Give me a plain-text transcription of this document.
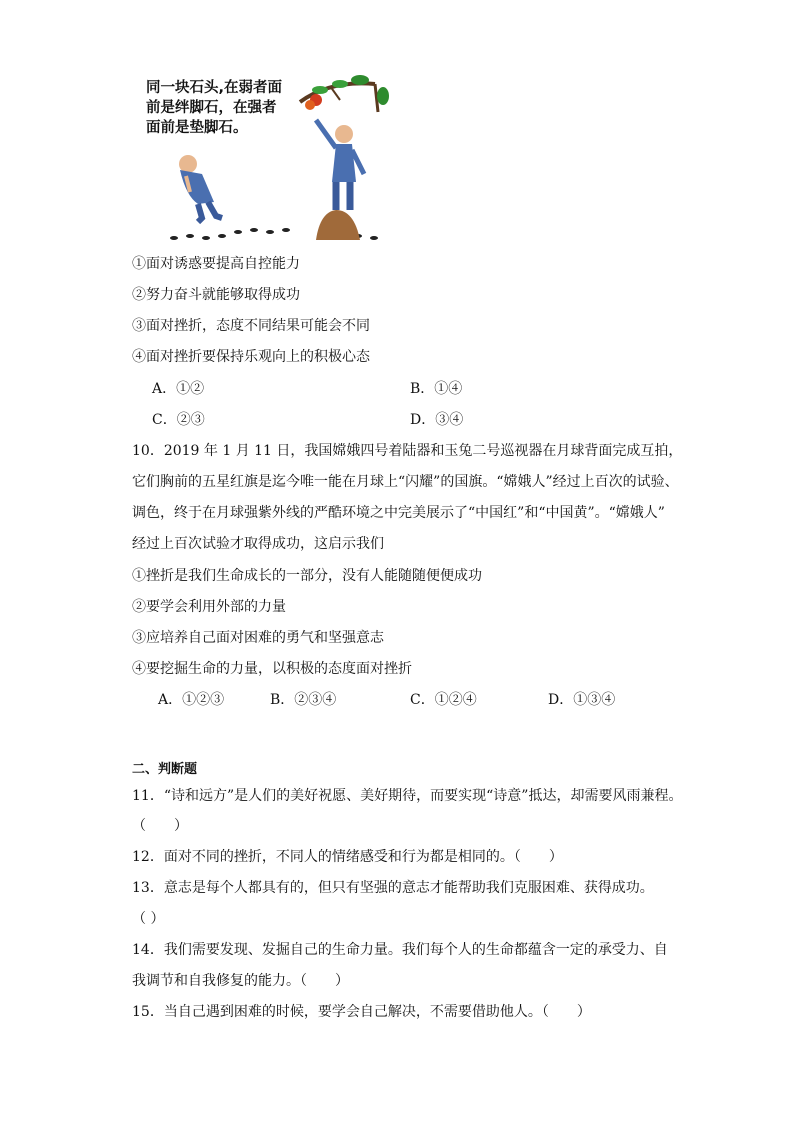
同一块石头,在弱者面
前是绊脚石，在强者
面前是垫脚石。
①面对诱惑要提高自控能力
②努力奋斗就能够取得成功
③面对挫折，态度不同结果可能会不同
④面对挫折要保持乐观向上的积极心态
A．①②	B．①④
C．②③	D．③④
10．2019 年 1 月 11 日，我国嫦娥四号着陆器和玉兔二号巡视器在月球背面完成互拍，
它们胸前的五星红旗是迄今唯一能在月球上“闪耀”的国旗。“嫦娥人”经过上百次的试验、
调色，终于在月球强紫外线的严酷环境之中完美展示了“中国红”和“中国黄”。“嫦娥人”
经过上百次试验才取得成功，这启示我们
①挫折是我们生命成长的一部分，没有人能随随便便成功
②要学会利用外部的力量
③应培养自己面对困难的勇气和坚强意志
④要挖掘生命的力量，以积极的态度面对挫折
A．①②③	B．②③④	C．①②④	D．①③④
二、判断题
11．“诗和远方”是人们的美好祝愿、美好期待，而要实现“诗意”抵达，却需要风雨兼程。
（　　）
12．面对不同的挫折，不同人的情绪感受和行为都是相同的。（　　）
13．意志是每个人都具有的，但只有坚强的意志才能帮助我们克服困难、获得成功。
（ ）
14．我们需要发现、发掘自己的生命力量。我们每个人的生命都蕴含一定的承受力、自
我调节和自我修复的能力。（　　）
15．当自己遇到困难的时候，要学会自己解决，不需要借助他人。（　　）
